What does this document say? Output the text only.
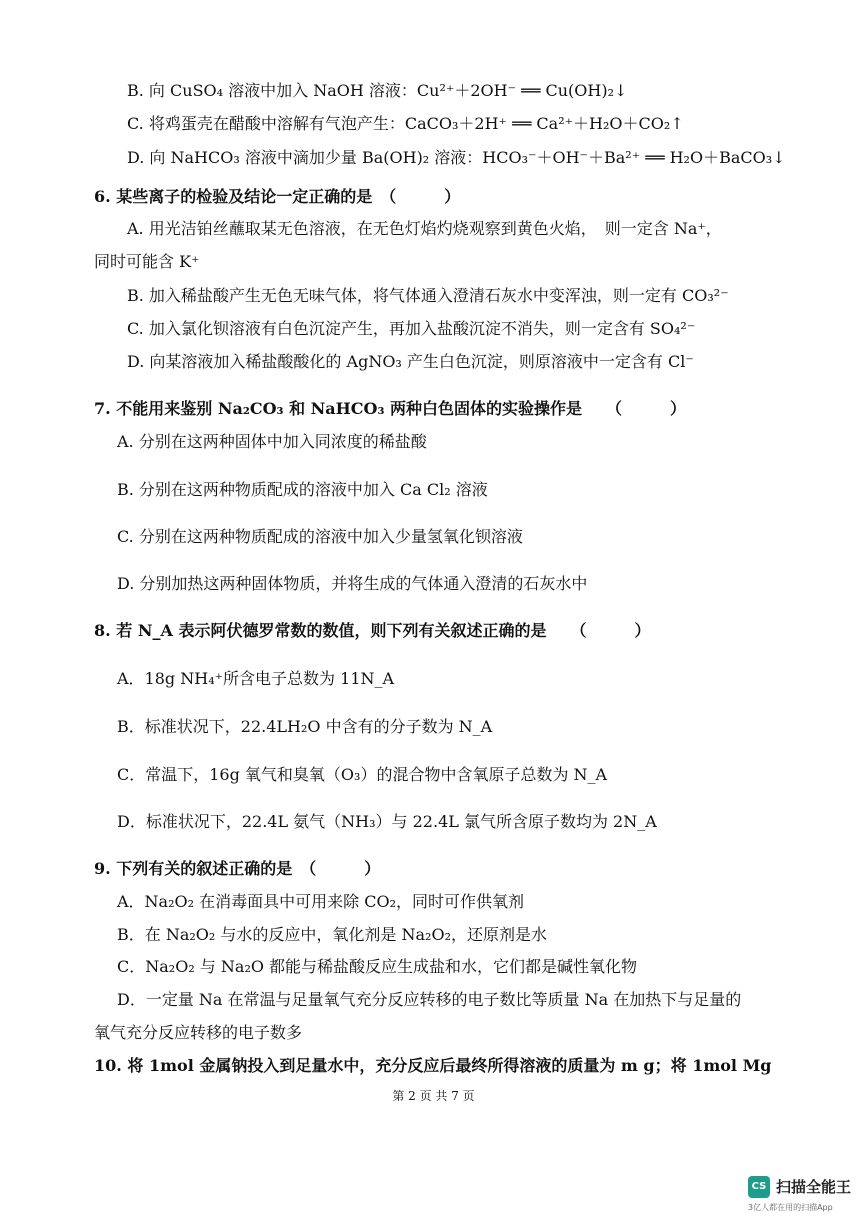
B. 向 CuSO₄ 溶液中加入 NaOH 溶液：Cu²⁺＋2OH⁻ ══ Cu(OH)₂↓
C. 将鸡蛋壳在醋酸中溶解有气泡产生：CaCO₃＋2H⁺ ══ Ca²⁺＋H₂O＋CO₂↑
D. 向 NaHCO₃ 溶液中滴加少量 Ba(OH)₂ 溶液：HCO₃⁻＋OH⁻＋Ba²⁺ ══ H₂O＋BaCO₃↓
6. 某些离子的检验及结论一定正确的是　（　　　）
A. 用光洁铂丝蘸取某无色溶液，在无色灯焰灼烧观察到黄色火焰，　则一定含 Na⁺，
同时可能含 K⁺
B. 加入稀盐酸产生无色无味气体，将气体通入澄清石灰水中变浑浊，则一定有 CO₃²⁻
C. 加入氯化钡溶液有白色沉淀产生，再加入盐酸沉淀不消失，则一定含有 SO₄²⁻
D. 向某溶液加入稀盐酸酸化的 AgNO₃ 产生白色沉淀，则原溶液中一定含有 Cl⁻
7. 不能用来鉴别 Na₂CO₃ 和 NaHCO₃ 两种白色固体的实验操作是　　（　　　）
A. 分别在这两种固体中加入同浓度的稀盐酸
B. 分别在这两种物质配成的溶液中加入 Ca Cl₂ 溶液
C. 分别在这两种物质配成的溶液中加入少量氢氧化钡溶液
D. 分别加热这两种固体物质，并将生成的气体通入澄清的石灰水中
8. 若 N_A 表示阿伏德罗常数的数值，则下列有关叙述正确的是　　（　　　）
A．18g NH₄⁺所含电子总数为 11N_A
B．标准状况下，22.4LH₂O 中含有的分子数为 N_A
C．常温下，16g 氧气和臭氧（O₃）的混合物中含氧原子总数为 N_A
D．标准状况下，22.4L 氨气（NH₃）与 22.4L 氯气所含原子数均为 2N_A
9. 下列有关的叙述正确的是　（　　　）
A．Na₂O₂ 在消毒面具中可用来除 CO₂，同时可作供氧剂
B．在 Na₂O₂ 与水的反应中，氧化剂是 Na₂O₂，还原剂是水
C．Na₂O₂ 与 Na₂O 都能与稀盐酸反应生成盐和水，它们都是碱性氧化物
D．一定量 Na 在常温与足量氧气充分反应转移的电子数比等质量 Na 在加热下与足量的
氧气充分反应转移的电子数多
10. 将 1mol 金属钠投入到足量水中，充分反应后最终所得溶液的质量为 m g；将 1mol Mg
第 2 页 共 7 页
CS 扫描全能王
3亿人都在用的扫描App
